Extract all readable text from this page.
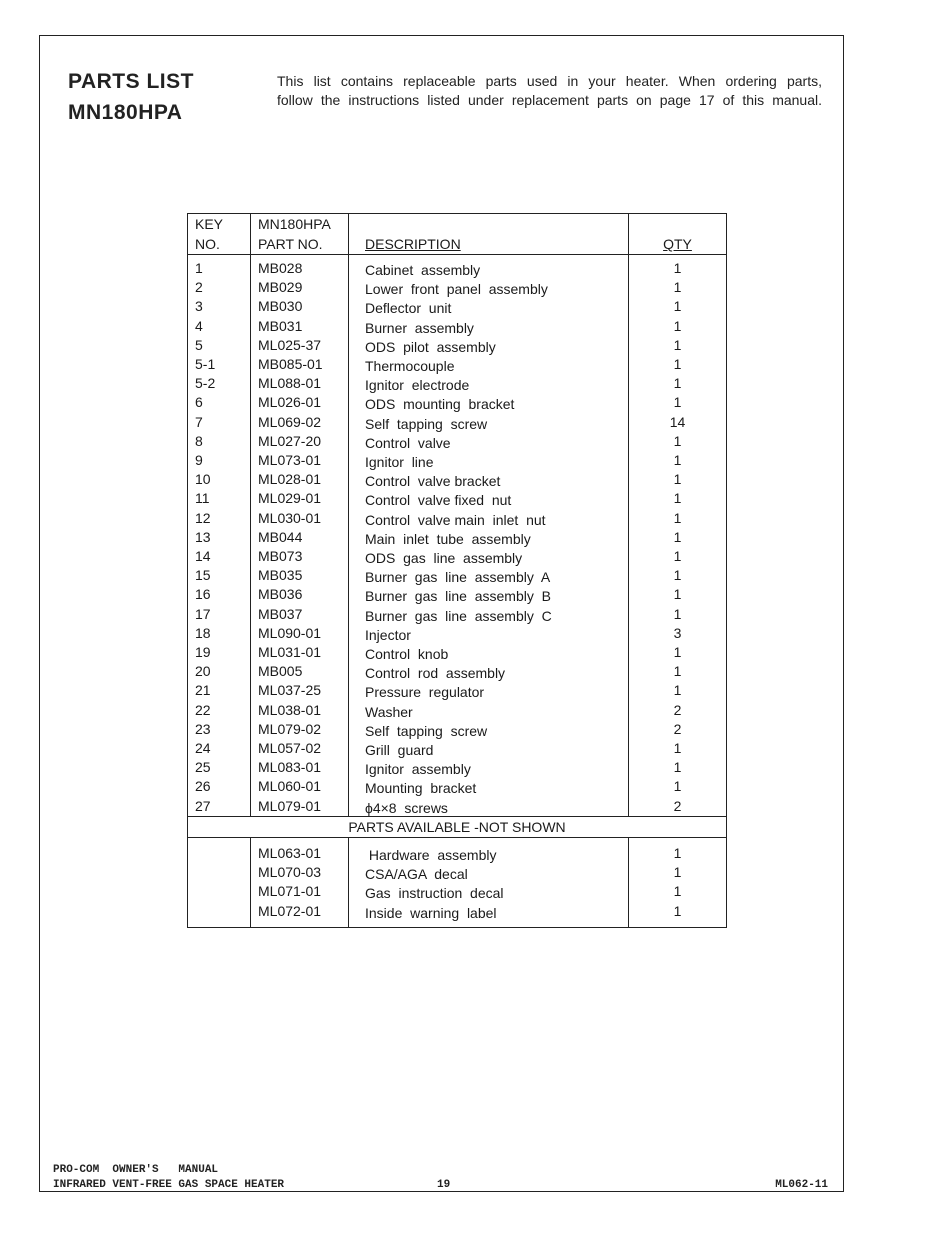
PARTS LIST
MN180HPA
This list contains replaceable parts used in your heater. When ordering parts,
follow the instructions listed under replacement parts on page 17 of this manual.
KEY	MN180HPA		
NO.	PART NO.	DESCRIPTION	QTY
1	MB028	Cabinet  assembly	1
2	MB029	Lower  front  panel  assembly	1
3	MB030	Deflector  unit	1
4	MB031	Burner  assembly	1
5	ML025-37	ODS  pilot  assembly	1
5-1	MB085-01	Thermocouple	1
5-2	ML088-01	Ignitor  electrode	1
6	ML026-01	ODS  mounting  bracket	1
7	ML069-02	Self  tapping  screw	14
8	ML027-20	Control  valve	1
9	ML073-01	Ignitor  line	1
10	ML028-01	Control  valve bracket	1
11	ML029-01	Control  valve fixed  nut	1
12	ML030-01	Control  valve main  inlet  nut	1
13	MB044	Main  inlet  tube  assembly	1
14	MB073	ODS  gas  line  assembly	1
15	MB035	Burner  gas  line  assembly  A	1
16	MB036	Burner  gas  line  assembly  B	1
17	MB037	Burner  gas  line  assembly  C	1
18	ML090-01	Injector	3
19	ML031-01	Control  knob	1
20	MB005	Control  rod  assembly	1
21	ML037-25	Pressure  regulator	1
22	ML038-01	Washer	2
23	ML079-02	Self  tapping  screw	2
24	ML057-02	Grill  guard	1
25	ML083-01	Ignitor  assembly	1
26	ML060-01	Mounting  bracket	1
27	ML079-01	ϕ4×8  screws	2
PARTS AVAILABLE -NOT SHOWN			
	ML063-01	Hardware  assembly	1
	ML070-03	CSA/AGA  decal	1
	ML071-01	Gas  instruction  decal	1
	ML072-01	Inside  warning  label	1
PRO-COM  OWNER'S   MANUAL
INFRARED VENT-FREE GAS SPACE HEATER	19	ML062-11
